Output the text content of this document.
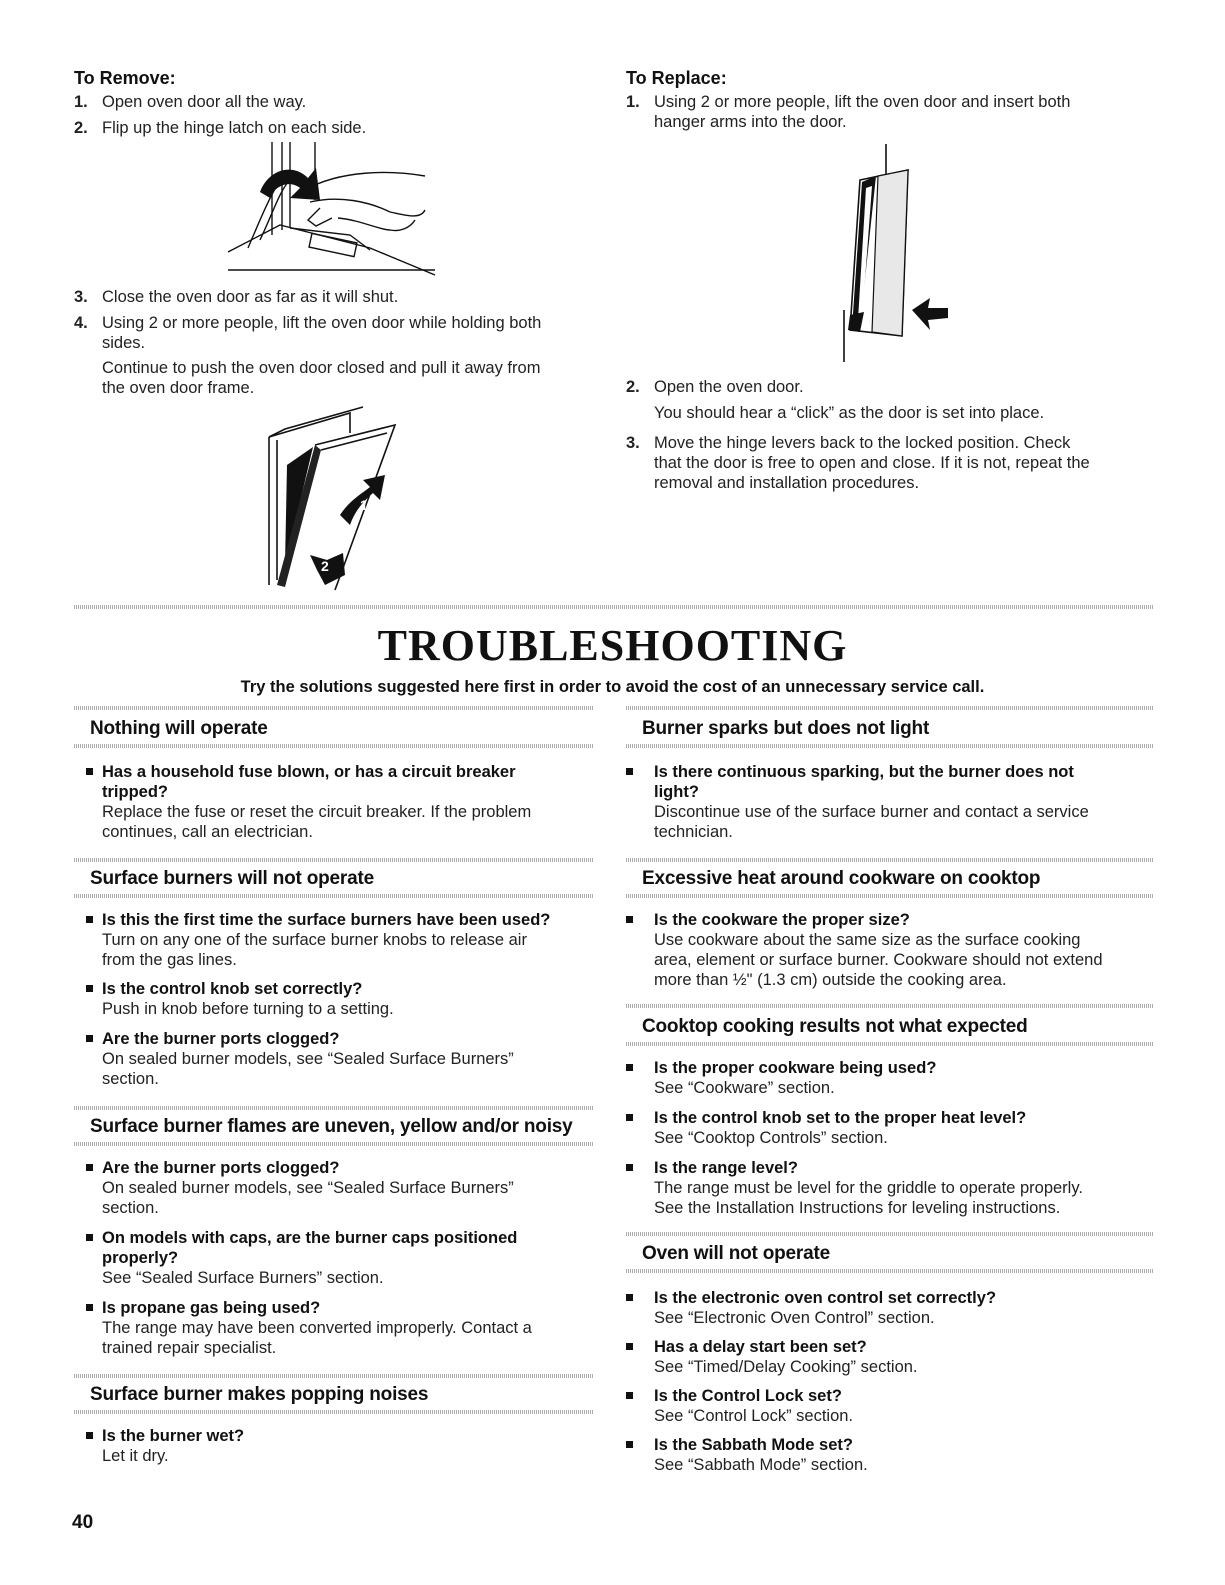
To Remove:
1. Open oven door all the way.
2. Flip up the hinge latch on each side.
3. Close the oven door as far as it will shut.
4. Using 2 or more people, lift the oven door while holding both
sides.
Continue to push the oven door closed and pull it away from
the oven door frame.
1
2
To Replace:
1. Using 2 or more people, lift the oven door and insert both
hanger arms into the door.
2. Open the oven door.
You should hear a “click” as the door is set into place.
3. Move the hinge levers back to the locked position. Check
that the door is free to open and close. If it is not, repeat the
removal and installation procedures.
TROUBLESHOOTING
Try the solutions suggested here first in order to avoid the cost of an unnecessary service call.
Nothing will operate
Has a household fuse blown, or has a circuit breaker
tripped?
Replace the fuse or reset the circuit breaker. If the problem
continues, call an electrician.
Surface burners will not operate
Is this the first time the surface burners have been used?
Turn on any one of the surface burner knobs to release air
from the gas lines.
Is the control knob set correctly?
Push in knob before turning to a setting.
Are the burner ports clogged?
On sealed burner models, see “Sealed Surface Burners”
section.
Surface burner flames are uneven, yellow and/or noisy
Are the burner ports clogged?
On sealed burner models, see “Sealed Surface Burners”
section.
On models with caps, are the burner caps positioned
properly?
See “Sealed Surface Burners” section.
Is propane gas being used?
The range may have been converted improperly. Contact a
trained repair specialist.
Surface burner makes popping noises
Is the burner wet?
Let it dry.
Burner sparks but does not light
Is there continuous sparking, but the burner does not
light?
Discontinue use of the surface burner and contact a service
technician.
Excessive heat around cookware on cooktop
Is the cookware the proper size?
Use cookware about the same size as the surface cooking
area, element or surface burner. Cookware should not extend
more than ½" (1.3 cm) outside the cooking area.
Cooktop cooking results not what expected
Is the proper cookware being used?
See “Cookware” section.
Is the control knob set to the proper heat level?
See “Cooktop Controls” section.
Is the range level?
The range must be level for the griddle to operate properly.
See the Installation Instructions for leveling instructions.
Oven will not operate
Is the electronic oven control set correctly?
See “Electronic Oven Control” section.
Has a delay start been set?
See “Timed/Delay Cooking” section.
Is the Control Lock set?
See “Control Lock” section.
Is the Sabbath Mode set?
See “Sabbath Mode” section.
40
